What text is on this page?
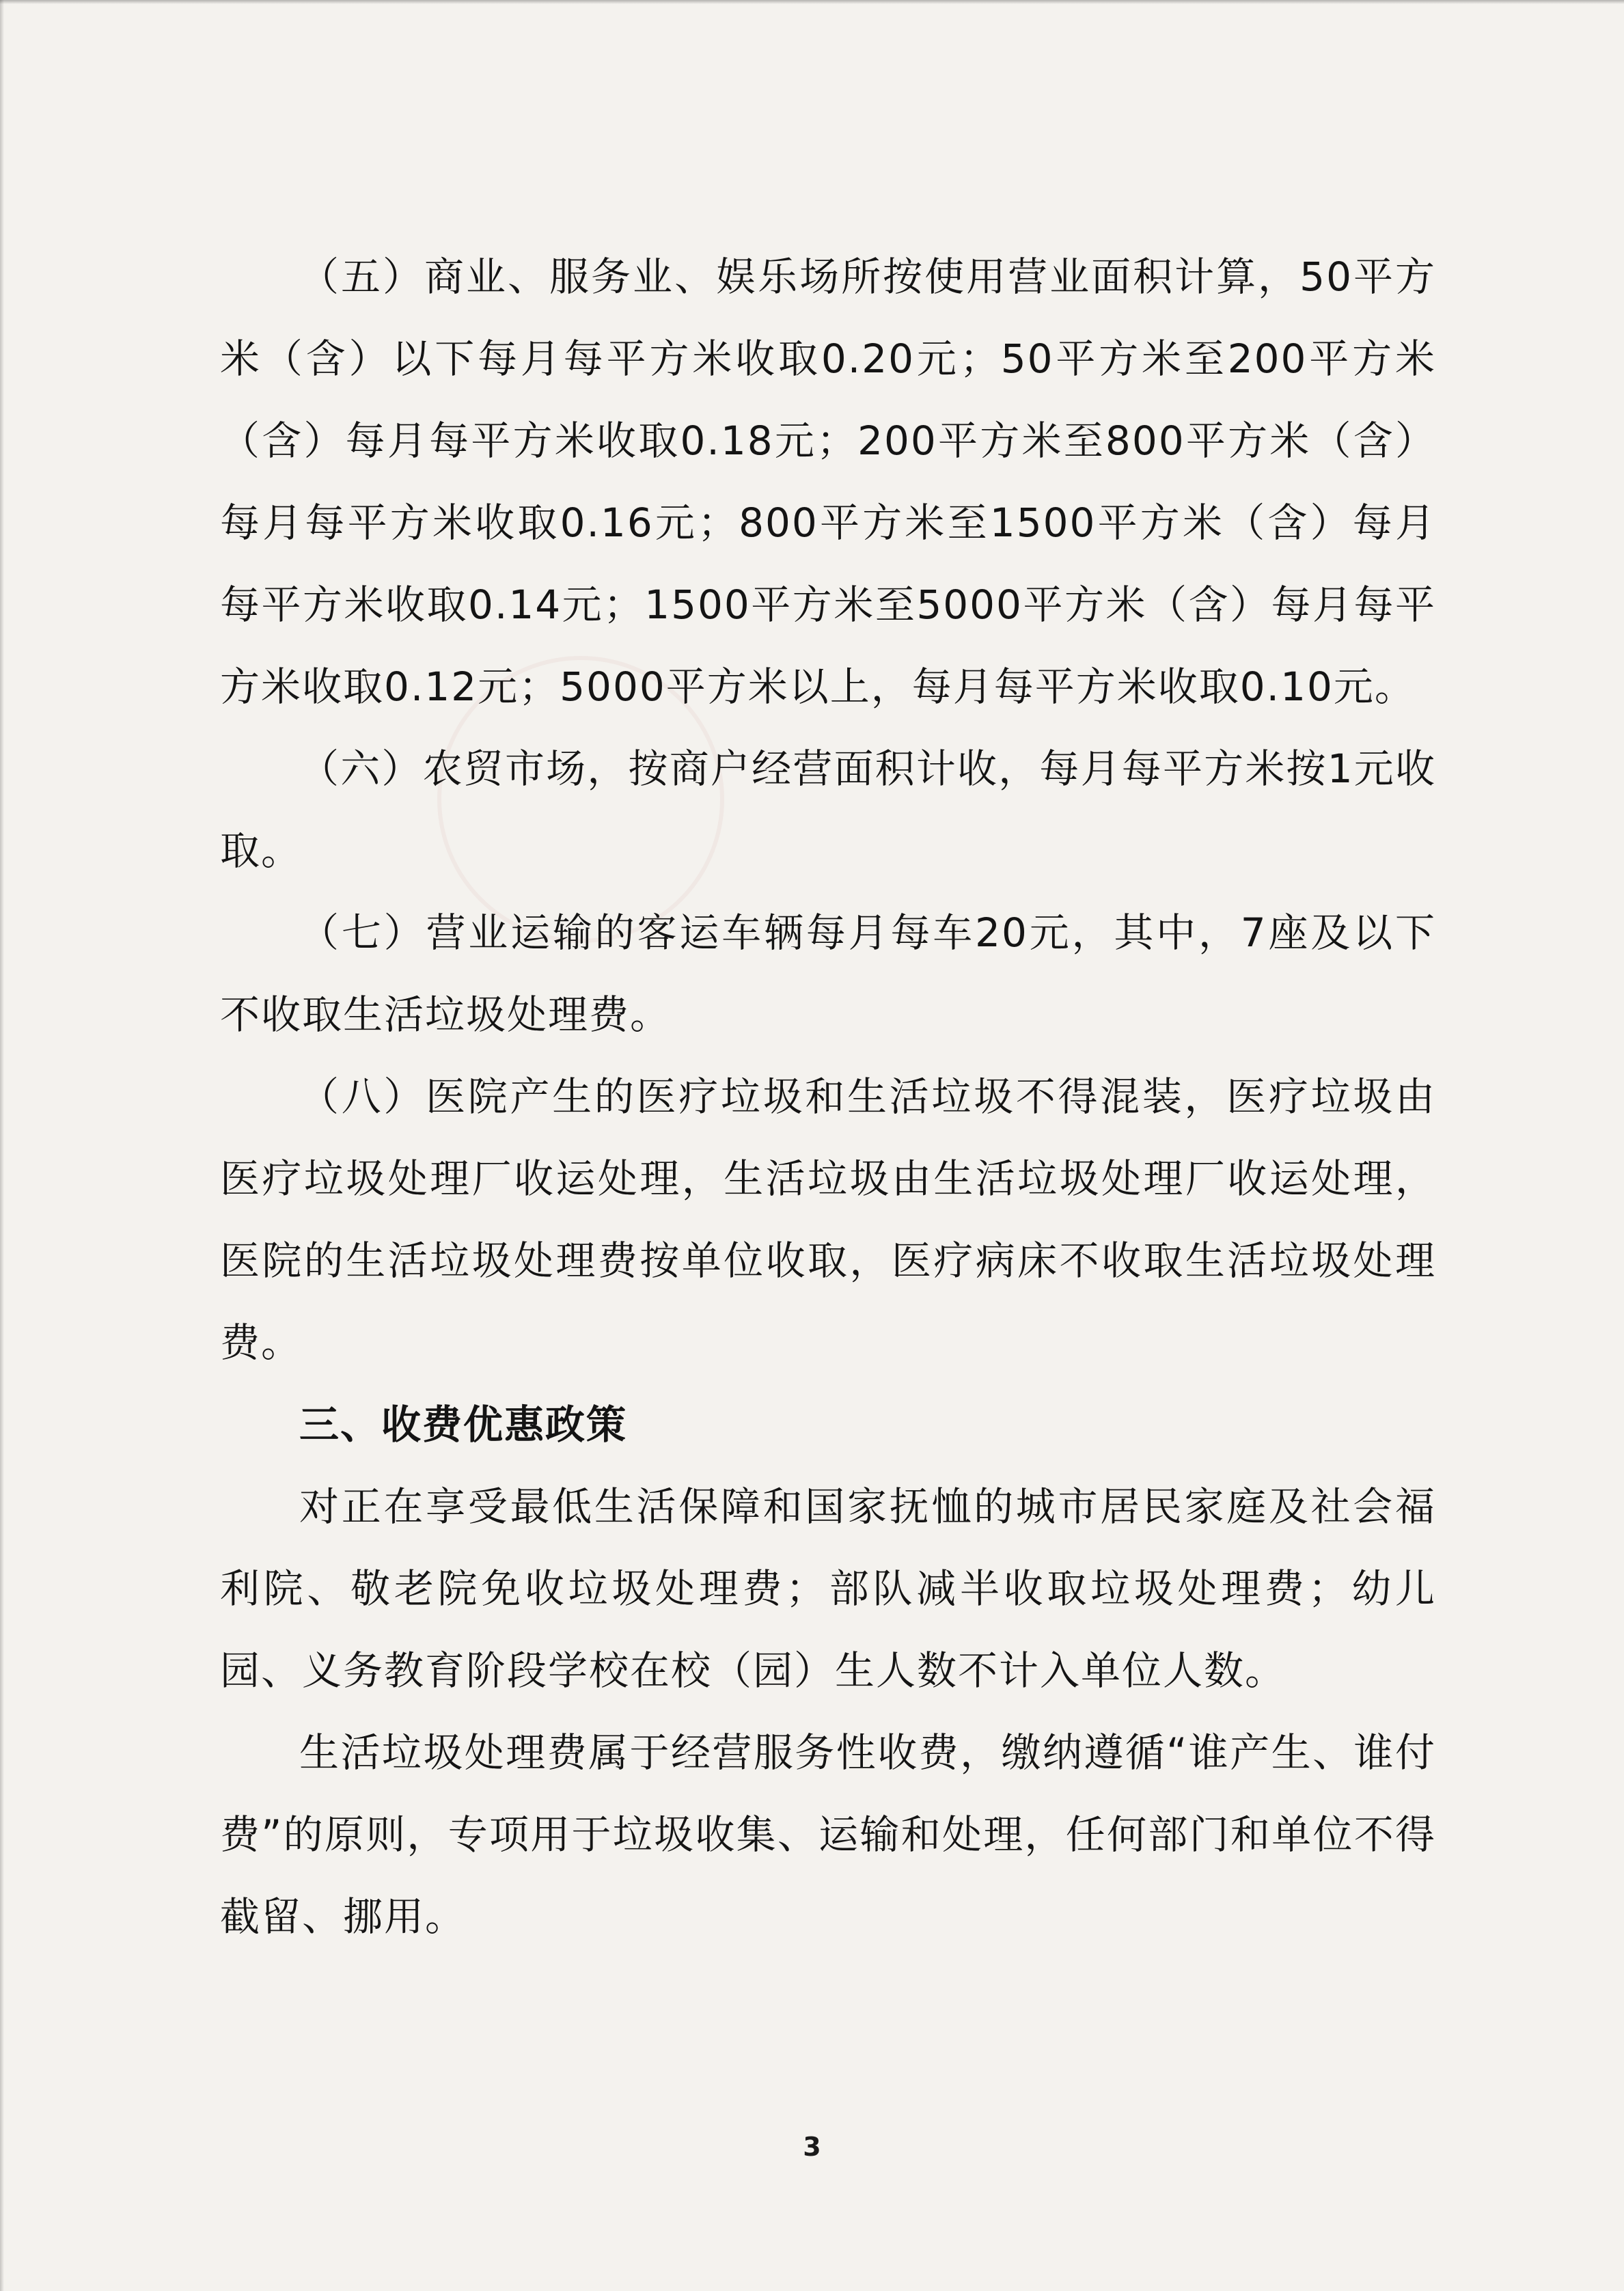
（五）商业、服务业、娱乐场所按使用营业面积计算，50平方米（含）以下每月每平方米收取0.20元；50平方米至200平方米（含）每月每平方米收取0.18元；200平方米至800平方米（含）每月每平方米收取0.16元；800平方米至1500平方米（含）每月每平方米收取0.14元；1500平方米至5000平方米（含）每月每平方米收取0.12元；5000平方米以上，每月每平方米收取0.10元。

（六）农贸市场，按商户经营面积计收，每月每平方米按1元收取。

（七）营业运输的客运车辆每月每车20元，其中，7座及以下不收取生活垃圾处理费。

（八）医院产生的医疗垃圾和生活垃圾不得混装，医疗垃圾由医疗垃圾处理厂收运处理，生活垃圾由生活垃圾处理厂收运处理，医院的生活垃圾处理费按单位收取，医疗病床不收取生活垃圾处理费。

三、收费优惠政策

对正在享受最低生活保障和国家抚恤的城市居民家庭及社会福利院、敬老院免收垃圾处理费；部队减半收取垃圾处理费；幼儿园、义务教育阶段学校在校（园）生人数不计入单位人数。

生活垃圾处理费属于经营服务性收费，缴纳遵循“谁产生、谁付费”的原则，专项用于垃圾收集、运输和处理，任何部门和单位不得截留、挪用。

3
